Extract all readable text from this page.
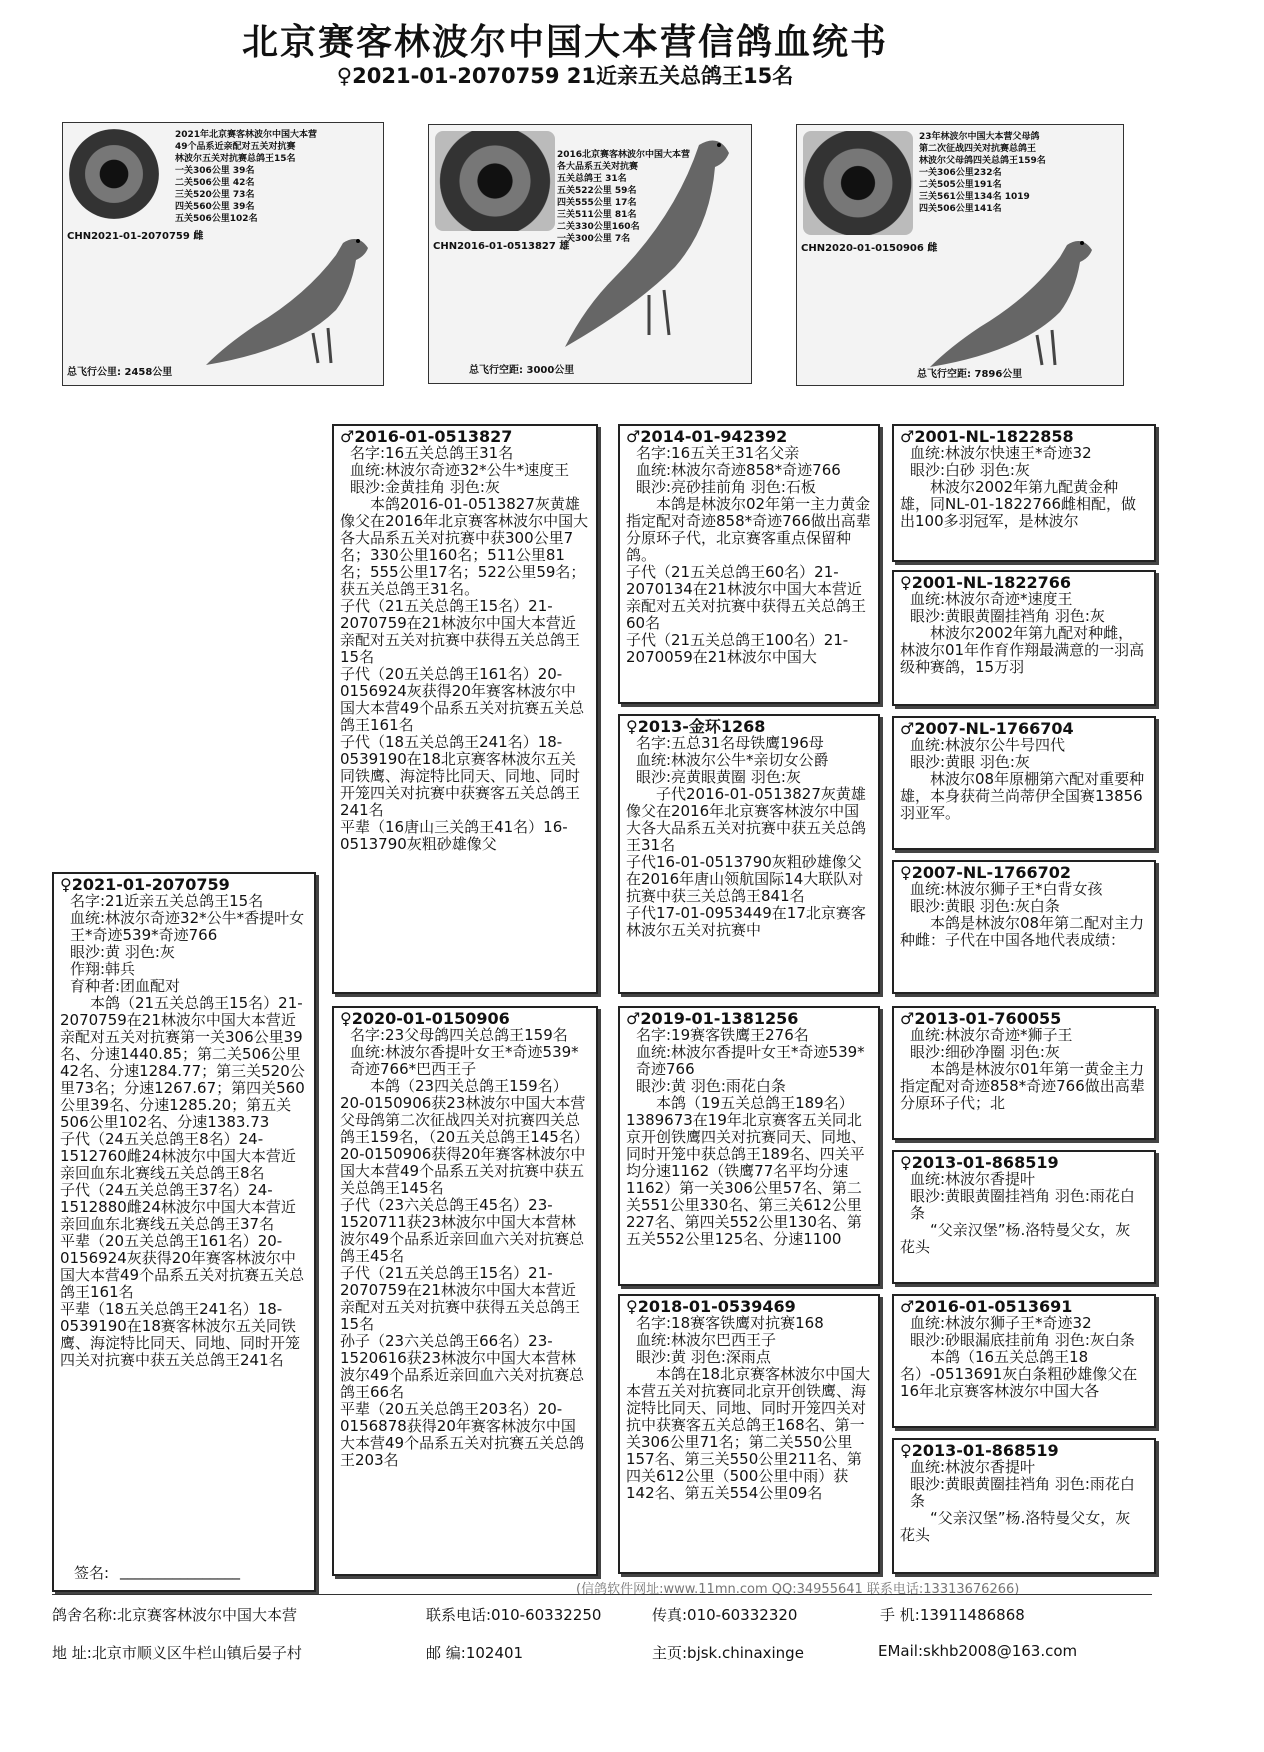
北京赛客林波尔中国大本营信鸽血统书
♀2021-01-2070759 21近亲五关总鸽王15名
2021年北京赛客林波尔中国大本营
49个品系近亲配对五关对抗赛
林波尔五关对抗赛总鸽王15名
一关306公里 39名
二关506公里 42名
三关520公里 73名
四关560公里 39名
五关506公里102名
CHN2021-01-2070759 雌
总飞行公里: 2458公里
2016北京赛客林波尔中国大本营
各大品系五关对抗赛
五关总鸽王 31名
五关522公里 59名
四关555公里 17名
三关511公里 81名
二关330公里160名
一关300公里 7名
CHN2016-01-0513827 雄
总飞行空距: 3000公里
23年林波尔中国大本营父母鸽
第二次征战四关对抗赛总鸽王
林波尔父母鸽四关总鸽王159名
一关306公里232名
二关505公里191名
三关561公里134名 1019
四关506公里141名
CHN2020-01-0150906 雌
总飞行空距: 7896公里
♀2021-01-2070759
名字:21近亲五关总鸽王15名
血统:林波尔奇迹32*公牛*香提叶女王*奇迹539*奇迹766
眼沙:黄 羽色:灰
作翔:韩兵
育种者:团血配对
本鸽（21五关总鸽王15名）21-2070759在21林波尔中国大本营近亲配对五关对抗赛第一关306公里39名、分速1440.85；第二关506公里42名、分速1284.77；第三关520公里73名；分速1267.67；第四关560公里39名、分速1285.20；第五关506公里102名、分速1383.73
子代（24五关总鸽王8名）24-1512760雌24林波尔中国大本营近亲回血东北赛线五关总鸽王8名
子代（24五关总鸽王37名）24-1512880雌24林波尔中国大本营近亲回血东北赛线五关总鸽王37名
平辈（20五关总鸽王161名）20-0156924灰获得20年赛客林波尔中国大本营49个品系五关对抗赛五关总鸽王161名
平辈（18五关总鸽王241名）18-0539190在18赛客林波尔五关同铁鹰、海淀特比同天、同地、同时开笼四关对抗赛中获五关总鸽王241名
♂2016-01-0513827
名字:16五关总鸽王31名
血统:林波尔奇迹32*公牛*速度王
眼沙:金黄挂角 羽色:灰
本鸽2016-01-0513827灰黄雄像父在2016年北京赛客林波尔中国大各大品系五关对抗赛中获300公里7名；330公里160名；511公里81名；555公里17名；522公里59名；获五关总鸽王31名。
子代（21五关总鸽王15名）21-2070759在21林波尔中国大本营近亲配对五关对抗赛中获得五关总鸽王15名
子代（20五关总鸽王161名）20-0156924灰获得20年赛客林波尔中国大本营49个品系五关对抗赛五关总鸽王161名
子代（18五关总鸽王241名）18-0539190在18北京赛客林波尔五关同铁鹰、海淀特比同天、同地、同时开笼四关对抗赛中获赛客五关总鸽王241名
平辈（16唐山三关鸽王41名）16-0513790灰粗砂雄像父
♀2020-01-0150906
名字:23父母鸽四关总鸽王159名
血统:林波尔香提叶女王*奇迹539*奇迹766*巴西王子
本鸽（23四关总鸽王159名）20-0150906获23林波尔中国大本营父母鸽第二次征战四关对抗赛四关总鸽王159名，（20五关总鸽王145名）20-0150906获得20年赛客林波尔中国大本营49个品系五关对抗赛中获五关总鸽王145名
子代（23六关总鸽王45名）23-1520711获23林波尔中国大本营林波尔49个品系近亲回血六关对抗赛总鸽王45名
子代（21五关总鸽王15名）21-2070759在21林波尔中国大本营近亲配对五关对抗赛中获得五关总鸽王15名
孙子（23六关总鸽王66名）23-1520616获23林波尔中国大本营林波尔49个品系近亲回血六关对抗赛总鸽王66名
平辈（20五关总鸽王203名）20-0156878获得20年赛客林波尔中国大本营49个品系五关对抗赛五关总鸽王203名
♂2014-01-942392
名字:16五关王31名父亲
血统:林波尔奇迹858*奇迹766
眼沙:亮砂挂前角 羽色:石板
本鸽是林波尔02年第一主力黄金指定配对奇迹858*奇迹766做出高辈分原环子代，北京赛客重点保留种鸽。
子代（21五关总鸽王60名）21-2070134在21林波尔中国大本营近亲配对五关对抗赛中获得五关总鸽王60名
子代（21五关总鸽王100名）21-2070059在21林波尔中国大
♀2013-金环1268
名字:五总31名母铁鹰196母
血统:林波尔公牛*亲切女公爵
眼沙:亮黄眼黄圈 羽色:灰
子代2016-01-0513827灰黄雄像父在2016年北京赛客林波尔中国大各大品系五关对抗赛中获五关总鸽王31名
子代16-01-0513790灰粗砂雄像父在2016年唐山领航国际14大联队对抗赛中获三关总鸽王841名
子代17-01-0953449在17北京赛客林波尔五关对抗赛中
♂2019-01-1381256
名字:19赛客铁鹰王276名
血统:林波尔香提叶女王*奇迹539*奇迹766
眼沙:黄 羽色:雨花白条
本鸽（19五关总鸽王189名）1389673在19年北京赛客五关同北京开创铁鹰四关对抗赛同天、同地、同时开笼中获总鸽王189名、四关平均分速1162（铁鹰77名平均分速1162）第一关306公里57名、第二关551公里330名、第三关612公里227名、第四关552公里130名、第五关552公里125名、分速1100
♀2018-01-0539469
名字:18赛客铁鹰对抗赛168
血统:林波尔巴西王子
眼沙:黄 羽色:深雨点
本鸽在18北京赛客林波尔中国大本营五关对抗赛同北京开创铁鹰、海淀特比同天、同地、同时开笼四关对抗中获赛客五关总鸽王168名、第一关306公里71名；第二关550公里157名、第三关550公里211名、第四关612公里（500公里中雨）获142名、第五关554公里09名
♂2001-NL-1822858
血统:林波尔快速王*奇迹32
眼沙:白砂 羽色:灰
林波尔2002年第九配黄金种雄，同NL-01-1822766雌相配，做出100多羽冠军，是林波尔
♀2001-NL-1822766
血统:林波尔奇迹*速度王
眼沙:黄眼黄圈挂裆角 羽色:灰
林波尔2002年第九配对种雌，林波尔01年作育作翔最满意的一羽高级种赛鸽，15万羽
♂2007-NL-1766704
血统:林波尔公牛号四代
眼沙:黄眼 羽色:灰
林波尔08年原棚第六配对重要种雄，本身获荷兰尚蒂伊全国赛13856羽亚军。
♀2007-NL-1766702
血统:林波尔狮子王*白背女孩
眼沙:黄眼 羽色:灰白条
本鸽是林波尔08年第二配对主力种雌：子代在中国各地代表成绩：
♂2013-01-760055
血统:林波尔奇迹*狮子王
眼沙:细砂净圈 羽色:灰
本鸽是林波尔01年第一黄金主力指定配对奇迹858*奇迹766做出高辈分原环子代；北
♀2013-01-868519
血统:林波尔香提叶
眼沙:黄眼黄圈挂裆角 羽色:雨花白条
“父亲汉堡”杨.洛特曼父女，灰 花头
♂2016-01-0513691
血统:林波尔狮子王*奇迹32
眼沙:砂眼漏底挂前角 羽色:灰白条
本鸽（16五关总鸽王18名）-0513691灰白条粗砂雄像父在16年北京赛客林波尔中国大各
♀2013-01-868519
血统:林波尔香提叶
眼沙:黄眼黄圈挂裆角 羽色:雨花白条
“父亲汉堡”杨.洛特曼父女，灰 花头
签名: ________________
(信鸽软件网址:www.11mn.com QQ:34955641 联系电话:13313676266)
鸽舍名称:北京赛客林波尔中国大本营	联系电话:010-60332250	传真:010-60332320	手 机:13911486868
地 址:北京市顺义区牛栏山镇后晏子村	邮 编:102401	主页:bjsk.chinaxinge	EMail:skhb2008@163.com
